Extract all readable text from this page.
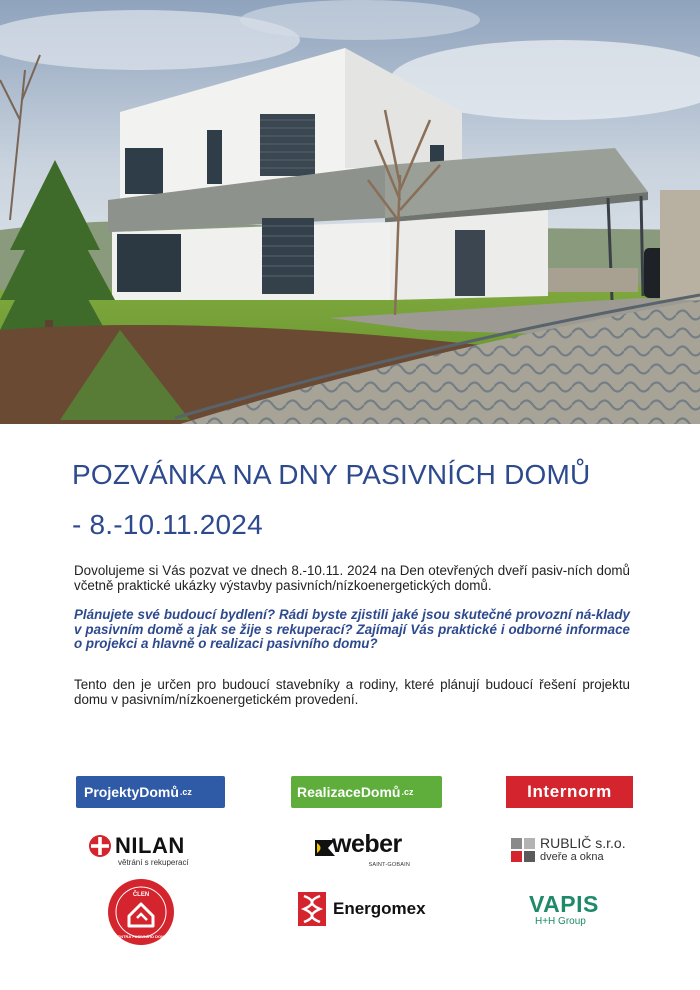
POZVÁNKA NA DNY PASIVNÍCH DOMŮ
- 8.-10.11.2024

Dovolujeme si Vás pozvat ve dnech 8.-10.11. 2024 na Den otevřených dveří pasiv-ních domů včetně praktické ukázky výstavby pasivních/nízkoenergetických domů.

Plánujete své budoucí bydlení? Rádi byste zjistili jaké jsou skutečné provozní ná-klady v pasivním domě a jak se žije s rekuperací? Zajímají Vás praktické i odborné informace o projekci a hlavně o realizaci pasivního domu?

Tento den je určen pro budoucí stavebníky a rodiny, které plánují budoucí řešení projektu domu v pasivním/nízkoenergetickém provedení.

ProjektyDomů .cz	RealizaceDomů .cz	Internorm
NILAN
větrání s rekuperací
weber
SAINT-GOBAIN
RUBLIČ s.r.o.
dveře a okna
ČLEN
CENTRA PASIVNÍHO DOMU
Energomex	VAPIS
H+H Group
